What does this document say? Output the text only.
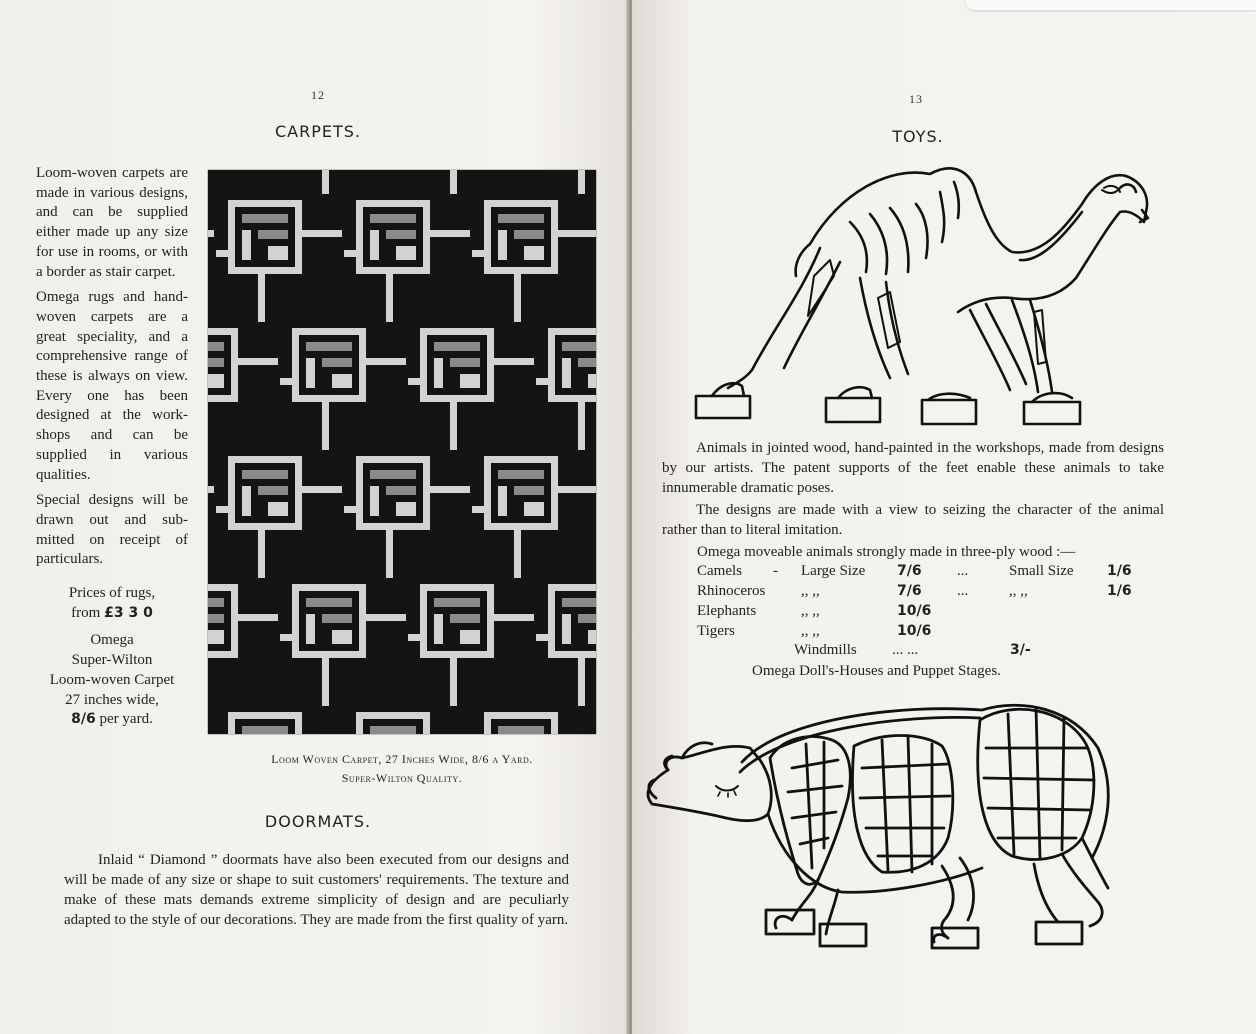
12
CARPETS.

Loom-woven carpets are made in various designs, and can be supplied either made up any size for use in rooms, or with a border as stair carpet.

Omega rugs and hand-woven carpets are a great speciality, and a comprehensive range of these is always on view. Every one has been designed at the work-shops and can be supplied in various qualities.

Special designs will be drawn out and sub-mitted on receipt of particulars.

Prices of rugs,

from £3 3 0

Omega

Super-Wilton

Loom-woven Carpet

27 inches wide,

8/6 per yard.

Loom Woven Carpet, 27 Inches Wide, 8/6 a Yard.
Super-Wilton Quality.
DOORMATS.

Inlaid “ Diamond ” doormats have also been executed from our designs and will be made of any size or shape to suit customers' requirements. The texture and make of these mats demands extreme simplicity of design and are peculiarly adapted to the style of our decorations. They are made from the first quality of yarn.

13
TOYS.

Animals in jointed wood, hand-painted in the workshops, made from designs by our artists. The patent supports of the feet enable these animals to take innumerable dramatic poses.

The designs are made with a view to seizing the character of the animal rather than to literal imitation.

Omega moveable animals strongly made in three-ply wood :—
Camels - Large Size 7/6 ...	Small Size 1/6
Rhinoceros ,, ,,	7/6 ...	,, ,,	1/6
Elephants	,, ,,	10/6
Tigers	,, ,,	10/6
Windmills ... ...	3/-
Omega Doll's-Houses and Puppet Stages.
